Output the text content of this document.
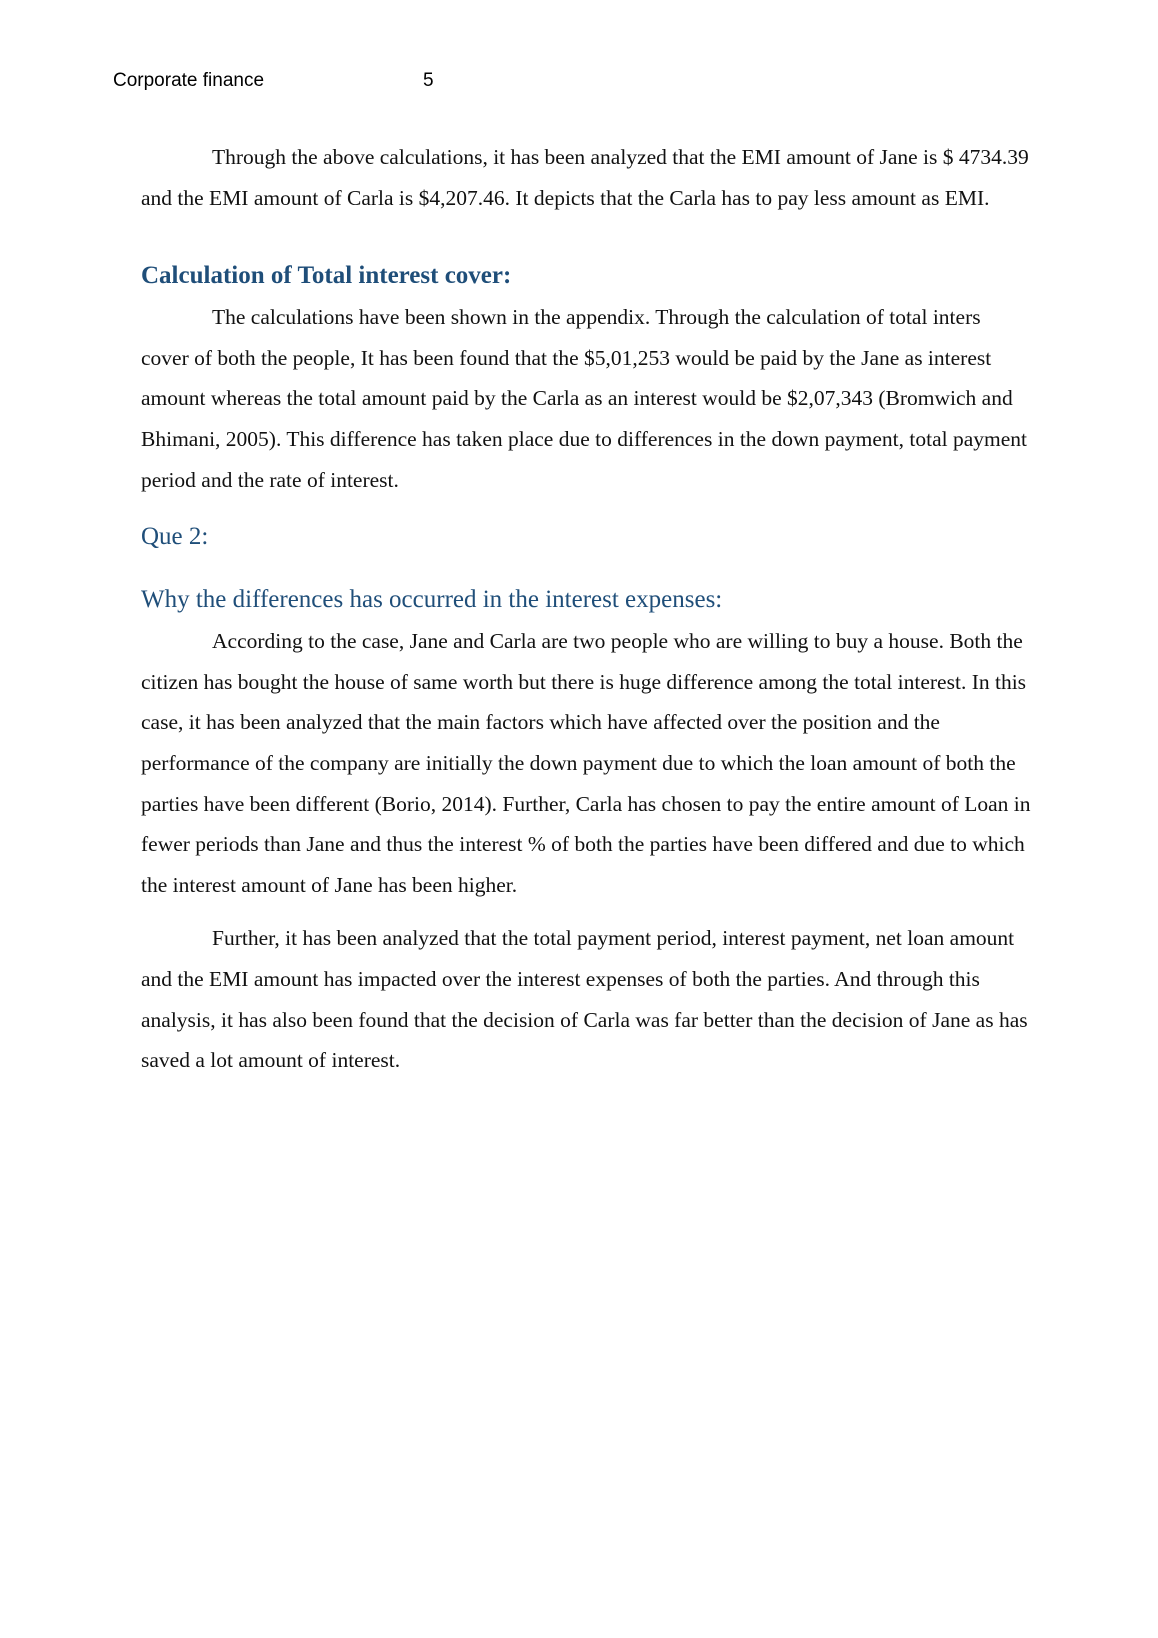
Corporate finance	5

Through the above calculations, it has been analyzed that the EMI amount of Jane is $ 4734.39 and the EMI amount of Carla is $4,207.46. It depicts that the Carla has to pay less amount as EMI.

Calculation of Total interest cover:

The calculations have been shown in the appendix. Through the calculation of total inters cover of both the people, It has been found that the $5,01,253 would be paid by the Jane as interest amount whereas the total amount paid by the Carla as an interest would be $2,07,343 (Bromwich and Bhimani, 2005). This difference has taken place due to differences in the down payment, total payment period and the rate of interest.

Que 2:
Why the differences has occurred in the interest expenses:

According to the case, Jane and Carla are two people who are willing to buy a house. Both the citizen has bought the house of same worth but there is huge difference among the total interest. In this case, it has been analyzed that the main factors which have affected over the position and the performance of the company are initially the down payment due to which the loan amount of both the parties have been different (Borio, 2014). Further, Carla has chosen to pay the entire amount of Loan in fewer periods than Jane and thus the interest % of both the parties have been differed and due to which the interest amount of Jane has been higher.

Further, it has been analyzed that the total payment period, interest payment, net loan amount and the EMI amount has impacted over the interest expenses of both the parties. And through this analysis, it has also been found that the decision of Carla was far better than the decision of Jane as has saved a lot amount of interest.
